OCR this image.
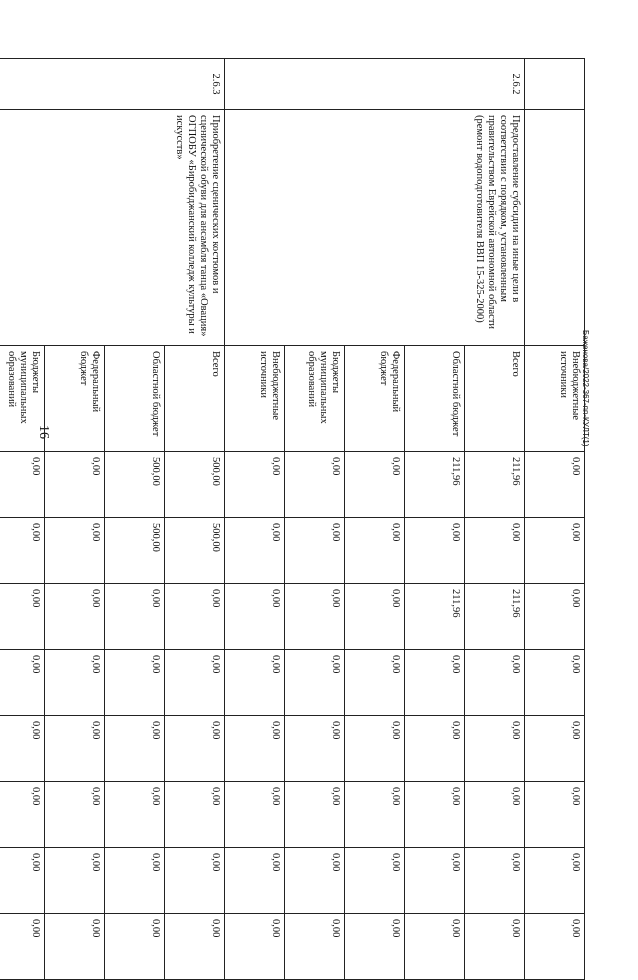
16	Баженова/2022-367-пп-КУЛТ(1)
		Внебюджетные источники	0,00	0,00	0,00	0,00	0,00	0,00	0,00	0,00
2.6.2	Предоставление субсидии на иные цели в соответствии с порядком, установленным правительством Еврейской автономной области (ремонт водоподготовителя ВВП 15-325-2000)	Всего	211,96	0,00	211,96	0,00	0,00	0,00	0,00	0,00
		Областной бюджет	211,96	0,00	211,96	0,00	0,00	0,00	0,00	0,00
		Федеральный бюджет	0,00	0,00	0,00	0,00	0,00	0,00	0,00	0,00
		Бюджеты муниципальных образований	0,00	0,00	0,00	0,00	0,00	0,00	0,00	0,00
		Внебюджетные источники	0,00	0,00	0,00	0,00	0,00	0,00	0,00	0,00
2.6.3	Приобретение сценических костюмов и сценической обуви для ансамбля танца «Овация» ОГПОБУ «Биробиджанский колледж культуры и искусств»	Всего	500,00	500,00	0,00	0,00	0,00	0,00	0,00	0,00
		Областной бюджет	500,00	500,00	0,00	0,00	0,00	0,00	0,00	0,00
		Федеральный бюджет	0,00	0,00	0,00	0,00	0,00	0,00	0,00	0,00
		Бюджеты муниципальных образований	0,00	0,00	0,00	0,00	0,00	0,00	0,00	0,00
